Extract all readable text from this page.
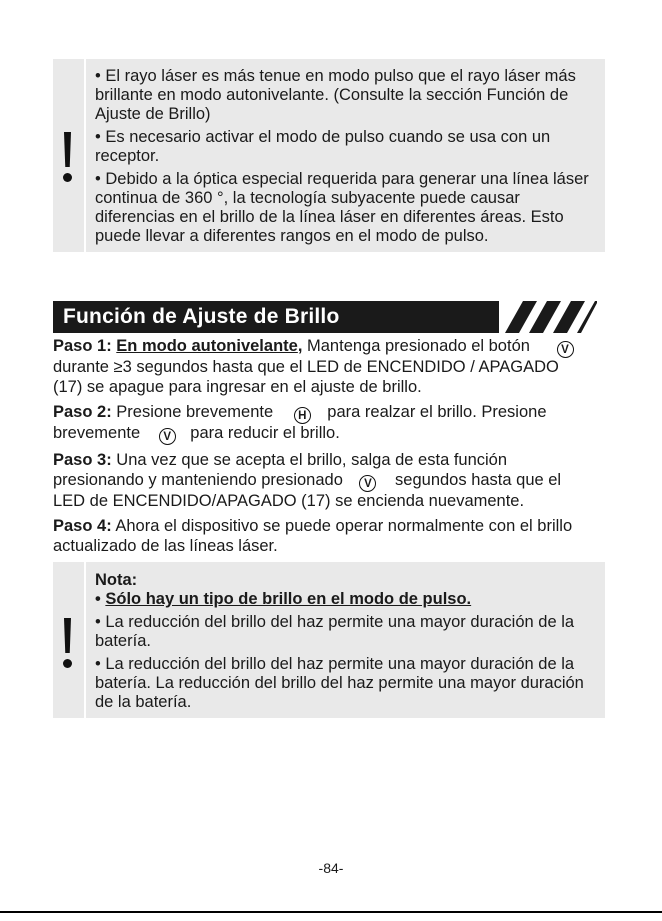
• El rayo láser es más tenue en modo pulso que el rayo láser más brillante en modo autonivelante. (Consulte la sección Función de Ajuste de Brillo)

• Es necesario activar el modo de pulso cuando se usa con un receptor.

• Debido a la óptica especial requerida para generar una línea láser continua de 360 °, la tecnología subyacente puede causar diferencias en el brillo de la línea láser en diferentes áreas. Esto puede llevar a diferentes rangos en el modo de pulso.

Función de Ajuste de Brillo
Paso 1: En modo autonivelante, Mantenga presionado el botón V
durante ≥3 segundos hasta que el LED de ENCENDIDO / APAGADO
(17) se apague para ingresar en el ajuste de brillo.
Paso 2: Presione brevemente H para realzar el brillo. Presione
brevemente V para reducir el brillo.
Paso 3: Una vez que se acepta el brillo, salga de esta función
presionando y manteniendo presionado V segundos hasta que el
LED de ENCENDIDO/APAGADO (17) se encienda nuevamente.
Paso 4: Ahora el dispositivo se puede operar normalmente con el brillo
actualizado de las líneas láser.

Nota:

• Sólo hay un tipo de brillo en el modo de pulso.

• La reducción del brillo del haz permite una mayor duración de la batería.

• La reducción del brillo del haz permite una mayor duración de la batería. La reducción del brillo del haz permite una mayor duración de la batería.

-84-
